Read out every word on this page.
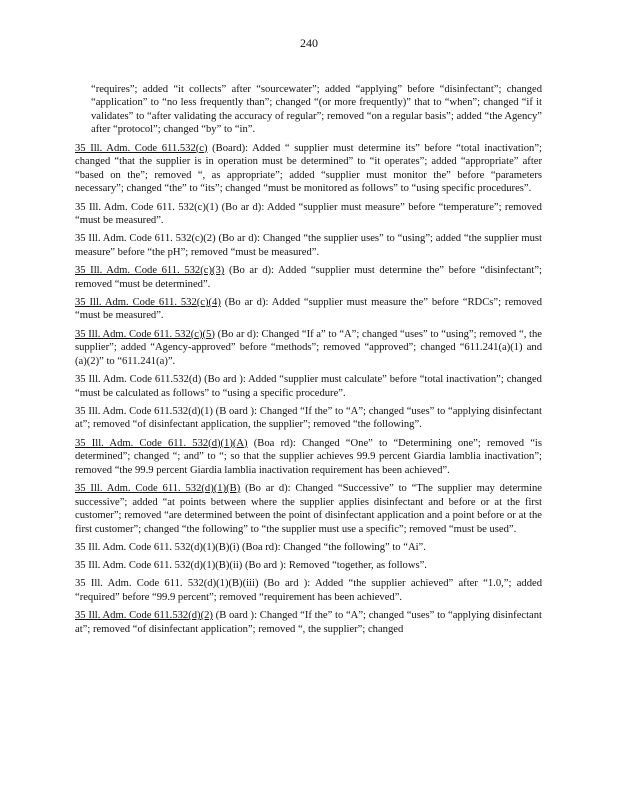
240

“requires”; added “it collects” after “sourcewater”; added “applying” before “disinfectant”; changed “application” to “no less frequently than”; changed “(or more frequently)” that to “when”; changed “if it validates” to “after validating the accuracy of regular”; removed “on a regular basis”; added “the Agency” after “protocol”; changed “by” to “in”.

35 Ill. Adm. Code 611.532(c) (Board): Added “ supplier must determine its” before “total inactivation”; changed “that the supplier is in operation must be determined” to “it operates”; added “appropriate” after “based on the”; removed “, as appropriate”; added “supplier must monitor the” before “parameters necessary”; changed “the” to “its”; changed “must be monitored as follows” to “using specific procedures”.

35 Ill. Adm. Code 611. 532(c)(1) (Bo ar d): Added “supplier must measure” before “temperature”; removed “must be measured”.

35 Ill. Adm. Code 611. 532(c)(2) (Bo ar d): Changed “the supplier uses” to “using”; added “the supplier must measure” before “the pH”; removed “must be measured”.

35 Ill. Adm. Code 611. 532(c)(3) (Bo ar d): Added “supplier must determine the” before “disinfectant”; removed “must be determined”.

35 Ill. Adm. Code 611. 532(c)(4) (Bo ar d): Added “supplier must measure the” before “RDCs”; removed “must be measured”.

35 Ill. Adm. Code 611. 532(c)(5) (Bo ar d): Changed “If a” to “A”; changed “uses” to “using”; removed “, the supplier”; added “Agency-approved” before “methods”; removed “approved”; changed “611.241(a)(1) and (a)(2)” to “611.241(a)”.

35 Ill. Adm. Code 611.532(d) (Bo ard ): Added “supplier must calculate” before “total inactivation”; changed “must be calculated as follows” to “using a specific procedure”.

35 Ill. Adm. Code 611.532(d)(1) (B oard ): Changed “If the” to “A”; changed “uses” to “applying disinfectant at”; removed “of disinfectant application, the supplier”; removed “the following”.

35 Ill. Adm. Code 611. 532(d)(1)(A) (Boa rd): Changed “One” to “Determining one”; removed “is determined”; changed “; and” to “; so that the supplier achieves 99.9 percent Giardia lamblia inactivation”; removed “the 99.9 percent Giardia lamblia inactivation requirement has been achieved”.

35 Ill. Adm. Code 611. 532(d)(1)(B) (Bo ar d): Changed “Successive” to “The supplier may determine successive”; added “at points between where the supplier applies disinfectant and before or at the first customer”; removed “are determined between the point of disinfectant application and a point before or at the first customer”; changed “the following” to “the supplier must use a specific”; removed “must be used”.

35 Ill. Adm. Code 611. 532(d)(1)(B)(i) (Boa rd): Changed “the following” to “Ai”.

35 Ill. Adm. Code 611. 532(d)(1)(B)(ii) (Bo ard ): Removed “together, as follows”.

35 Ill. Adm. Code 611. 532(d)(1)(B)(iii) (Bo ard ): Added “the supplier achieved” after “1.0,”; added “required” before “99.9 percent”; removed “requirement has been achieved”.

35 Ill. Adm. Code 611.532(d)(2) (B oard ): Changed “If the” to “A”; changed “uses” to “applying disinfectant at”; removed “of disinfectant application”; removed “, the supplier”; changed
